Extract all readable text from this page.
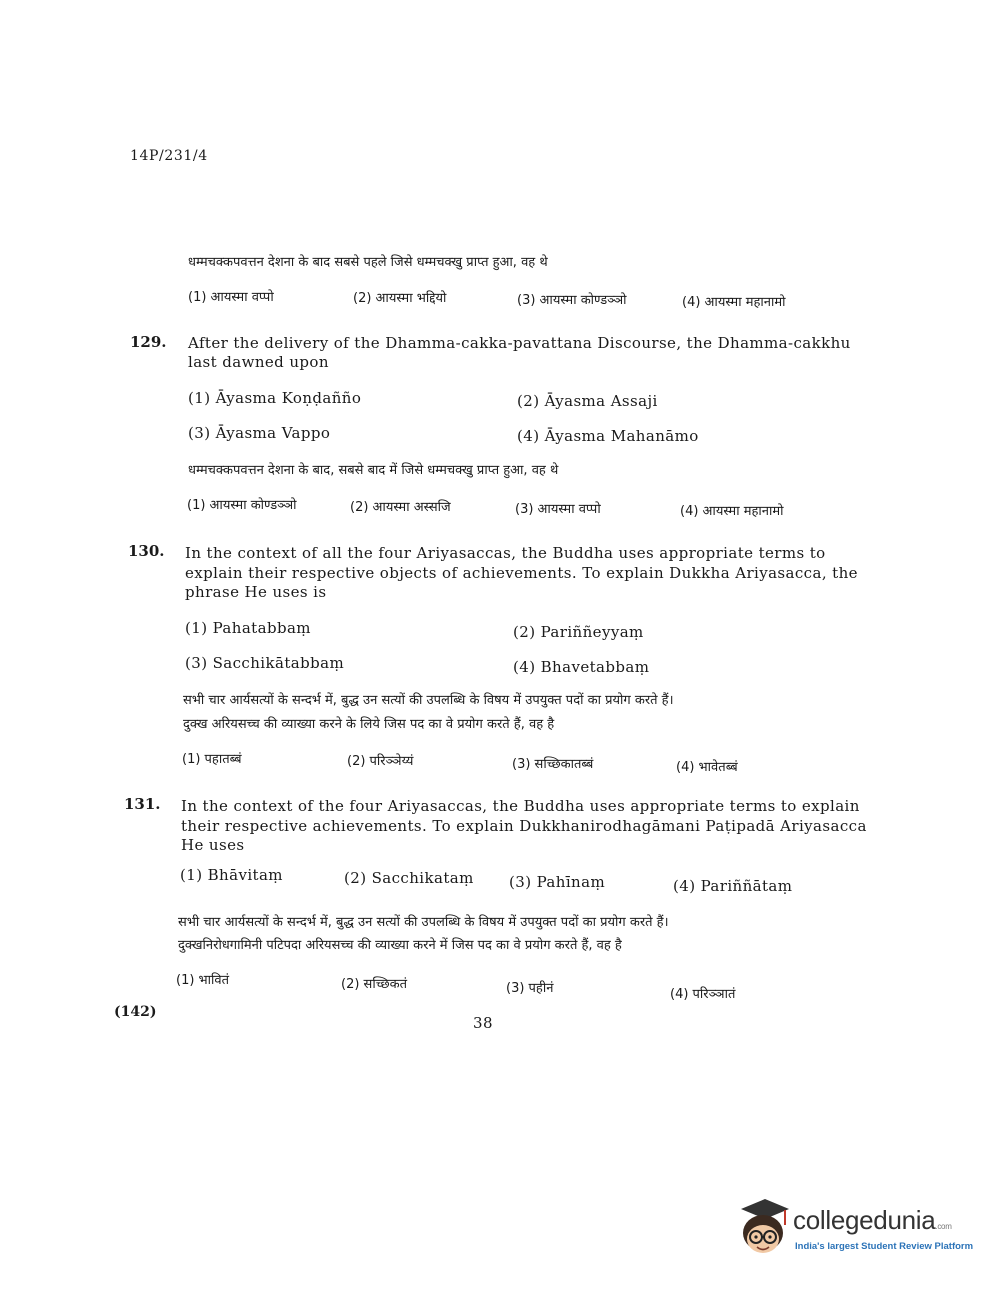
14P/231/4
धम्मचक्कपवत्तन देशना के बाद सबसे पहले जिसे धम्मचक्खु प्राप्त हुआ, वह थे
(1) आयस्मा वप्पो	(2) आयस्मा भद्दियो	(3) आयस्मा कोण्डञ्ञो	(4) आयस्मा महानामो
129. After the delivery of the Dhamma-cakka-pavattana Discourse, the Dhamma-cakkhu
last dawned upon
(1) Āyasma Koṇḍañño	(2) Āyasma Assaji
(3) Āyasma Vappo	(4) Āyasma Mahanāmo
धम्मचक्कपवत्तन देशना के बाद, सबसे बाद में जिसे धम्मचक्खु प्राप्त हुआ, वह थे
(1) आयस्मा कोण्डञ्ञो	(2) आयस्मा अस्सजि	(3) आयस्मा वप्पो	(4) आयस्मा महानामो
130. In the context of all the four Ariyasaccas, the Buddha uses appropriate terms to
explain their respective objects of achievements. To explain Dukkha Ariyasacca, the
phrase He uses is
(1) Pahatabbaṃ	(2) Pariññeyyaṃ
(3) Sacchikātabbaṃ	(4) Bhavetabbaṃ
सभी चार आर्यसत्यों के सन्दर्भ में, बुद्ध उन सत्यों की उपलब्धि के विषय में उपयुक्त पदों का प्रयोग करते हैं।
दुक्ख अरियसच्च की व्याख्या करने के लिये जिस पद का वे प्रयोग करते हैं, वह है
(1) पहातब्बं	(2) परिञ्ञेय्यं	(3) सच्छिकातब्बं	(4) भावेतब्बं
131. In the context of the four Ariyasaccas, the Buddha uses appropriate terms to explain
their respective achievements. To explain Dukkhanirodhagāmani Paṭipadā Ariyasacca
He uses
(1) Bhāvitaṃ	(2) Sacchikataṃ (3) Pahīnaṃ	(4) Pariññātaṃ
सभी चार आर्यसत्यों के सन्दर्भ में, बुद्ध उन सत्यों की उपलब्धि के विषय में उपयुक्त पदों का प्रयोग करते हैं।
दुक्खनिरोधगामिनी पटिपदा अरियसच्च की व्याख्या करने में जिस पद का वे प्रयोग करते हैं, वह है
(1) भावितं	(2) सच्छिकतं	(3) पहीनं	(4) परिञ्ञातं
(142)
38
collegedunia.com
India's largest Student Review Platform
